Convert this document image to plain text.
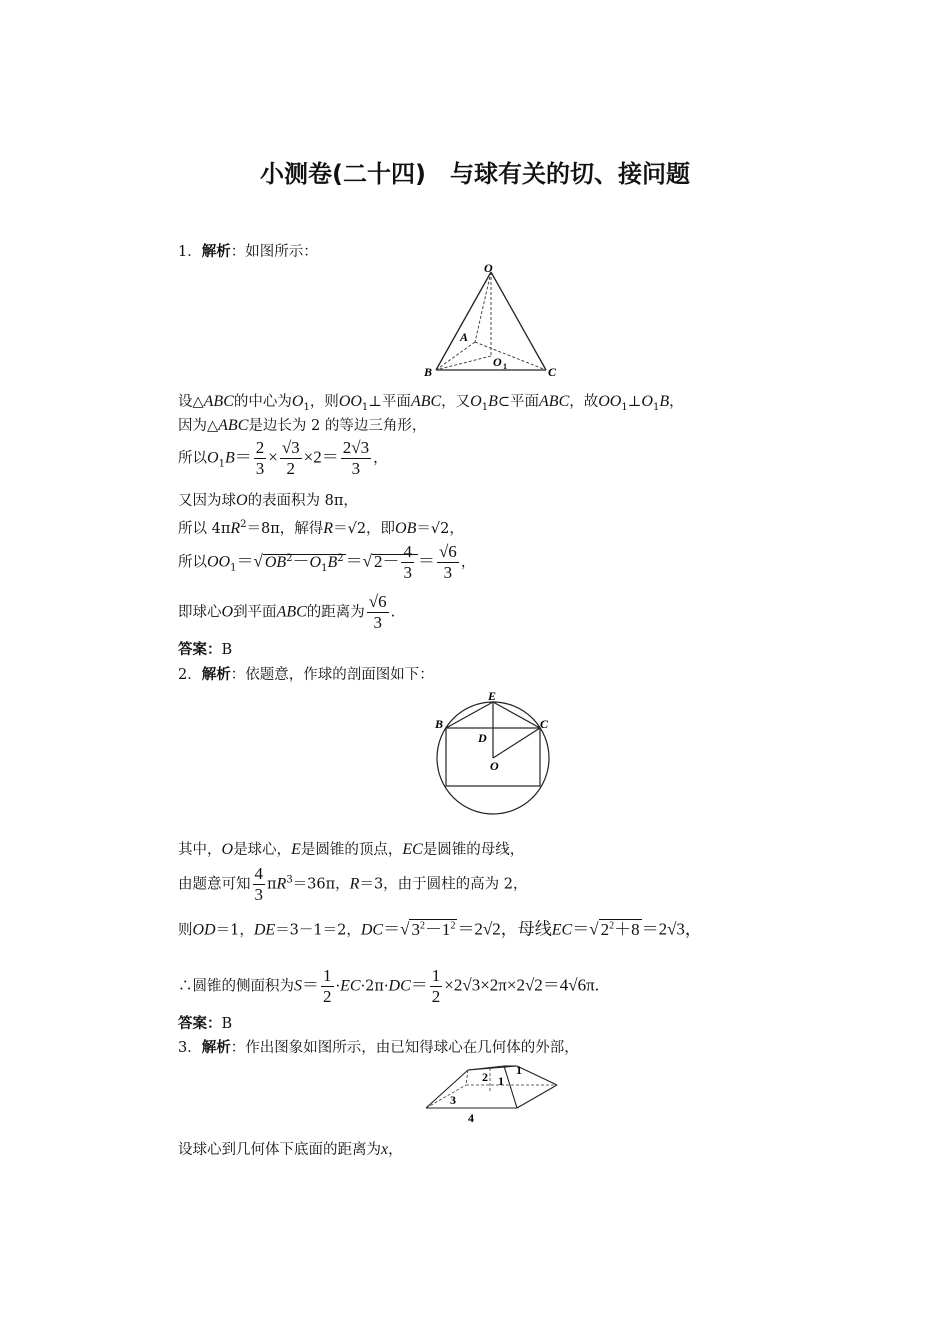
小测卷(二十四)　与球有关的切、接问题
1．解析：如图所示：
O
A
O 1
B	C
设△ABC的中心为$O_1$，则$OO_1\perp$平面ABC，又$O_1B\subset$平面ABC，故$OO_1\perp O_1B$，
因为△ABC是边长为 2 的等边三角形，
所以$O_1B= \frac{2}{3} \times \frac{√3}{2} \times 2= \frac{2√3}{3}$ ，
又因为球O的表面积为 8π，
所以 $4\pi R^2=8\pi$，解得R＝√2，即OB＝√2，
所以$OO_1=√$ $OB^2-O_1B^2$ ＝√ $2- \frac{4}{3} = \frac{√6}{3}$ ，
即球心O到平面ABC的距离为 $\frac{√6}{3}$ .
答案：B
2．解析：依题意，作球的剖面图如下：
E
B	C
D
O
其中，O是球心，E是圆锥的顶点，EC是圆锥的母线，
由题意可知 $\frac{4}{3} \pi R^3=36\pi$，R＝3，由于圆柱的高为 2，
则OD＝1，DE＝3－1＝2，DC＝√ $3^2-1^2 =2√2$，母线EC＝√ $2^2+8 =2√3$，
∴圆锥的侧面积为$S= \frac{1}{2} \cdot EC\cdot 2\pi\cdot DC= \frac{1}{2} \times 2√3\times 2\pi\times 2√2=4√6\pi$.
答案：B
3．解析：作出图象如图所示，由已知得球心在几何体的外部，
1
2 1
3
4
设球心到几何体下底面的距离为x，
